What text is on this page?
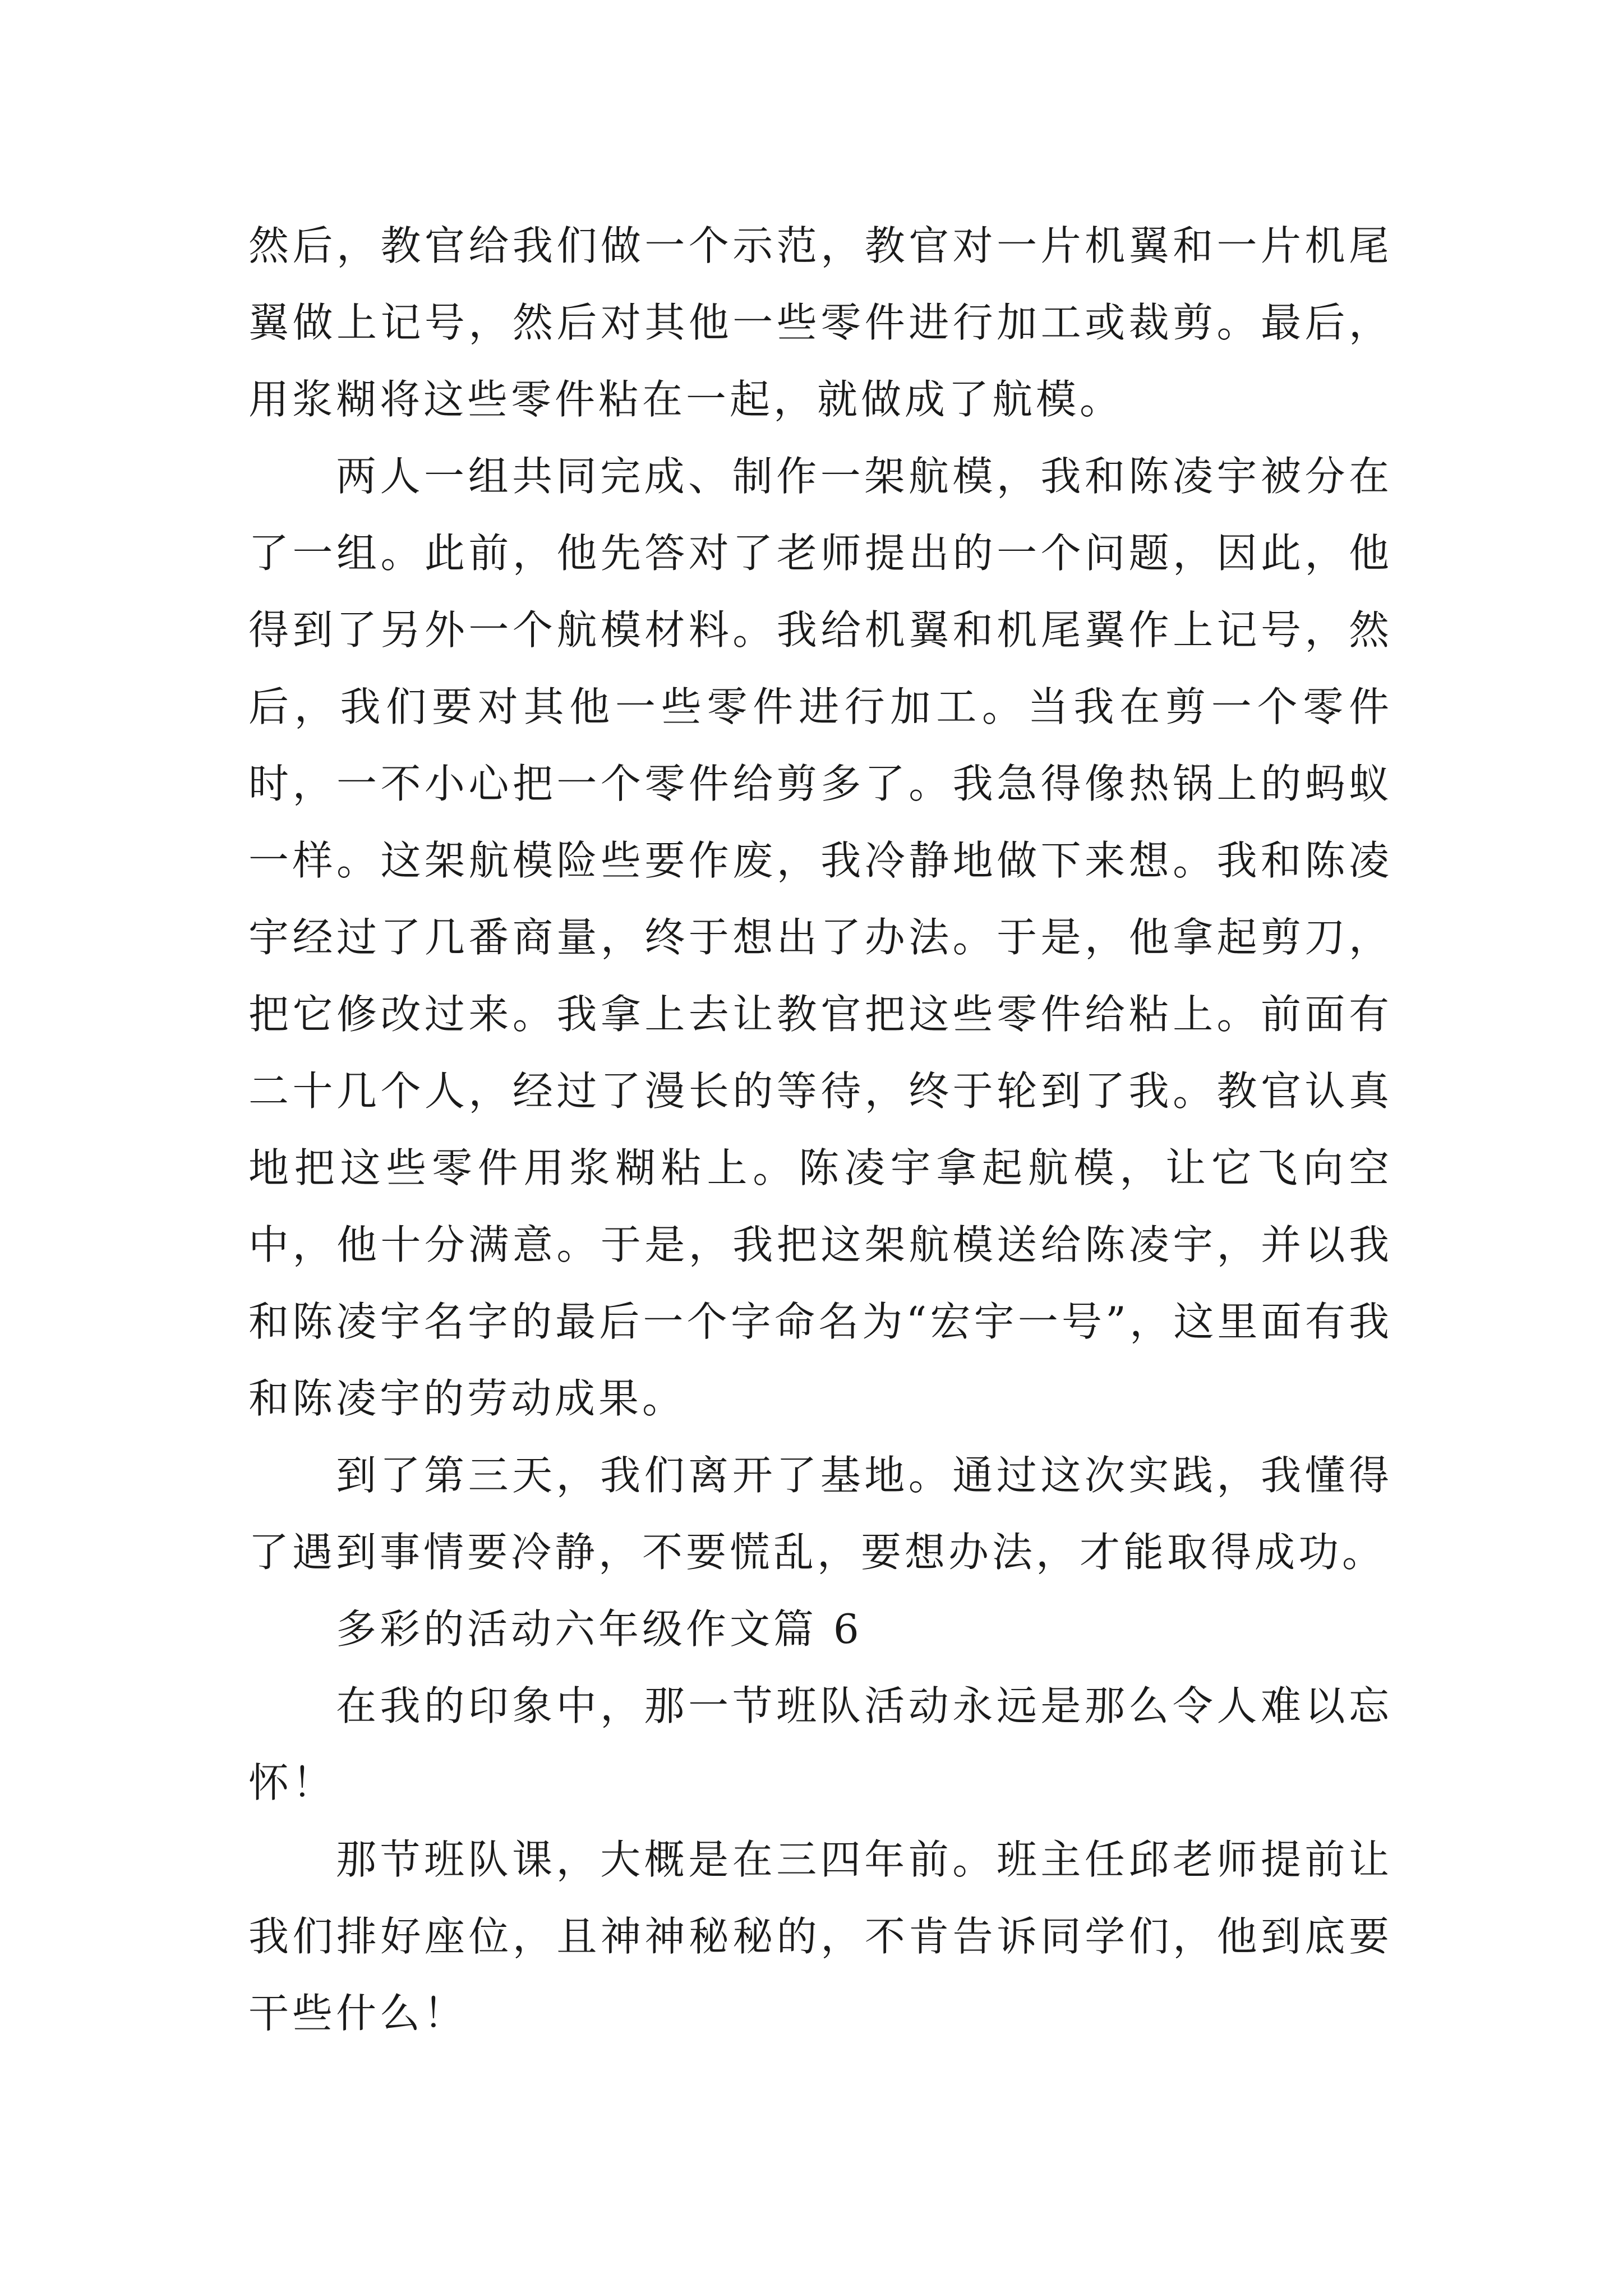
然后，教官给我们做一个示范，教官对一片机翼和一片机尾翼做上记号，然后对其他一些零件进行加工或裁剪。最后，用浆糊将这些零件粘在一起，就做成了航模。

两人一组共同完成、制作一架航模，我和陈凌宇被分在了一组。此前，他先答对了老师提出的一个问题，因此，他得到了另外一个航模材料。我给机翼和机尾翼作上记号，然后，我们要对其他一些零件进行加工。当我在剪一个零件时，一不小心把一个零件给剪多了。我急得像热锅上的蚂蚁一样。这架航模险些要作废，我冷静地做下来想。我和陈凌宇经过了几番商量，终于想出了办法。于是，他拿起剪刀，把它修改过来。我拿上去让教官把这些零件给粘上。前面有二十几个人，经过了漫长的等待，终于轮到了我。教官认真地把这些零件用浆糊粘上。陈凌宇拿起航模，让它飞向空中，他十分满意。于是，我把这架航模送给陈凌宇，并以我和陈凌宇名字的最后一个字命名为“宏宇一号”，这里面有我和陈凌宇的劳动成果。

到了第三天，我们离开了基地。通过这次实践，我懂得了遇到事情要冷静，不要慌乱，要想办法，才能取得成功。

多彩的活动六年级作文篇 6

在我的印象中，那一节班队活动永远是那么令人难以忘怀！

那节班队课，大概是在三四年前。班主任邱老师提前让我们排好座位，且神神秘秘的，不肯告诉同学们，他到底要干些什么！
